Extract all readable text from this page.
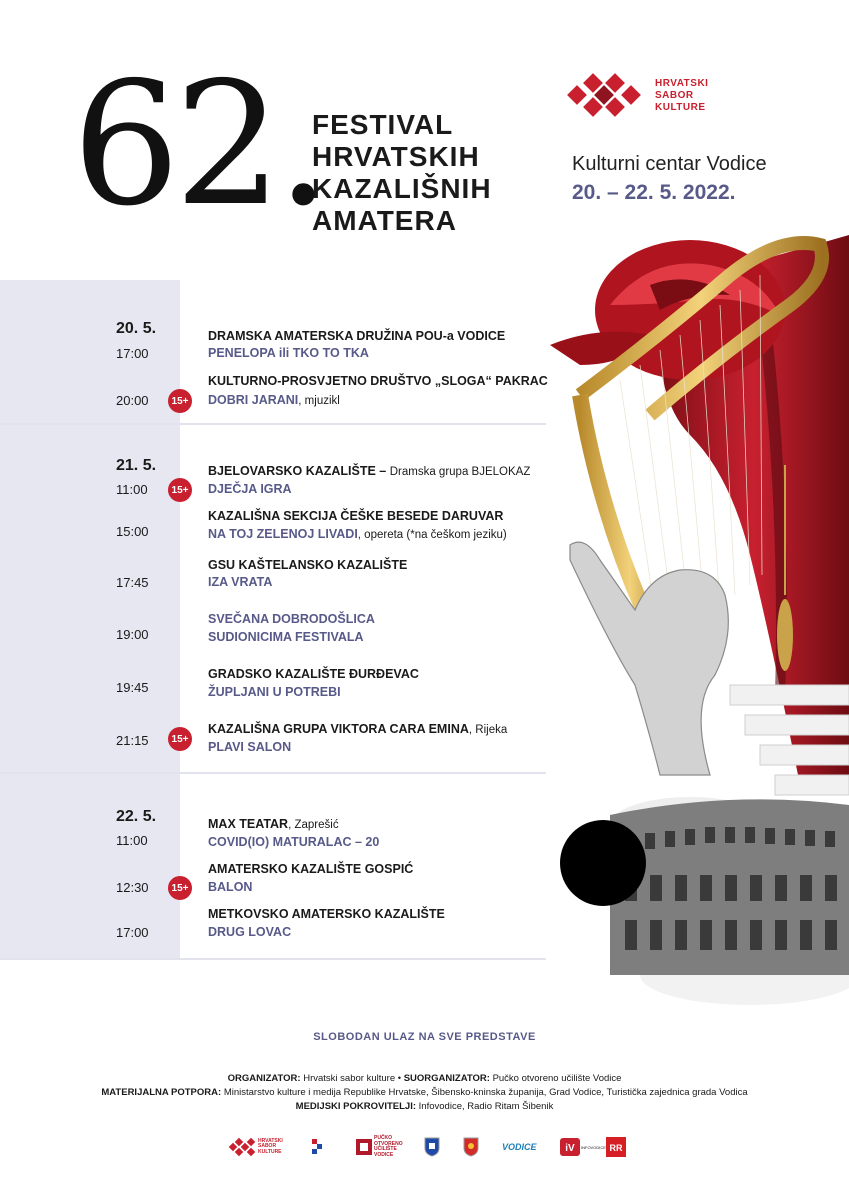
62.
FESTIVAL
HRVATSKIH
KAZALIŠNIH
AMATERA
HRVATSKI
SABOR
KULTURE
Kulturni centar Vodice
20. – 22. 5. 2022.
20. 5.
17:00
DRAMSKA AMATERSKA DRUŽINA POU-a VODICE
PENELOPA ili TKO TO TKA
20:00	15+
KULTURNO-PROSVJETNO DRUŠTVO „SLOGA“ PAKRAC
DOBRI JARANI, mjuzikl
21. 5.
11:00	15+
BJELOVARSKO KAZALIŠTE – Dramska grupa BJELOKAZ
DJEČJA IGRA
15:00
KAZALIŠNA SEKCIJA ČEŠKE BESEDE DARUVAR
NA TOJ ZELENOJ LIVADI, opereta (*na češkom jeziku)
17:45
GSU KAŠTELANSKO KAZALIŠTE
IZA VRATA
19:00
SVEČANA DOBRODOŠLICA
SUDIONICIMA FESTIVALA
19:45
GRADSKO KAZALIŠTE ĐURĐEVAC
ŽUPLJANI U POTREBI
21:15	15+
KAZALIŠNA GRUPA VIKTORA CARA EMINA, Rijeka
PLAVI SALON
22. 5.
11:00
MAX TEATAR, Zaprešić
COVID(IO) MATURALAC – 20
12:30	15+
AMATERSKO KAZALIŠTE GOSPIĆ
BALON
17:00
METKOVSKO AMATERSKO KAZALIŠTE
DRUG LOVAC
SLOBODAN ULAZ NA SVE PREDSTAVE
ORGANIZATOR: Hrvatski sabor kulture • SUORGANIZATOR: Pučko otvoreno učilište Vodice
MATERIJALNA POTPORA: Ministarstvo kulture i medija Republike Hrvatske, Šibensko-kninska županija, Grad Vodice, Turistička zajednica grada Vodica
MEDIJSKI POKROVITELJI: Infovodice, Radio Ritam Šibenik
HRVATSKI SABOR KULTURE
PUČKO OTVORENO UČILIŠTE VODICE
VODICE	iV INFOVODICE RR
